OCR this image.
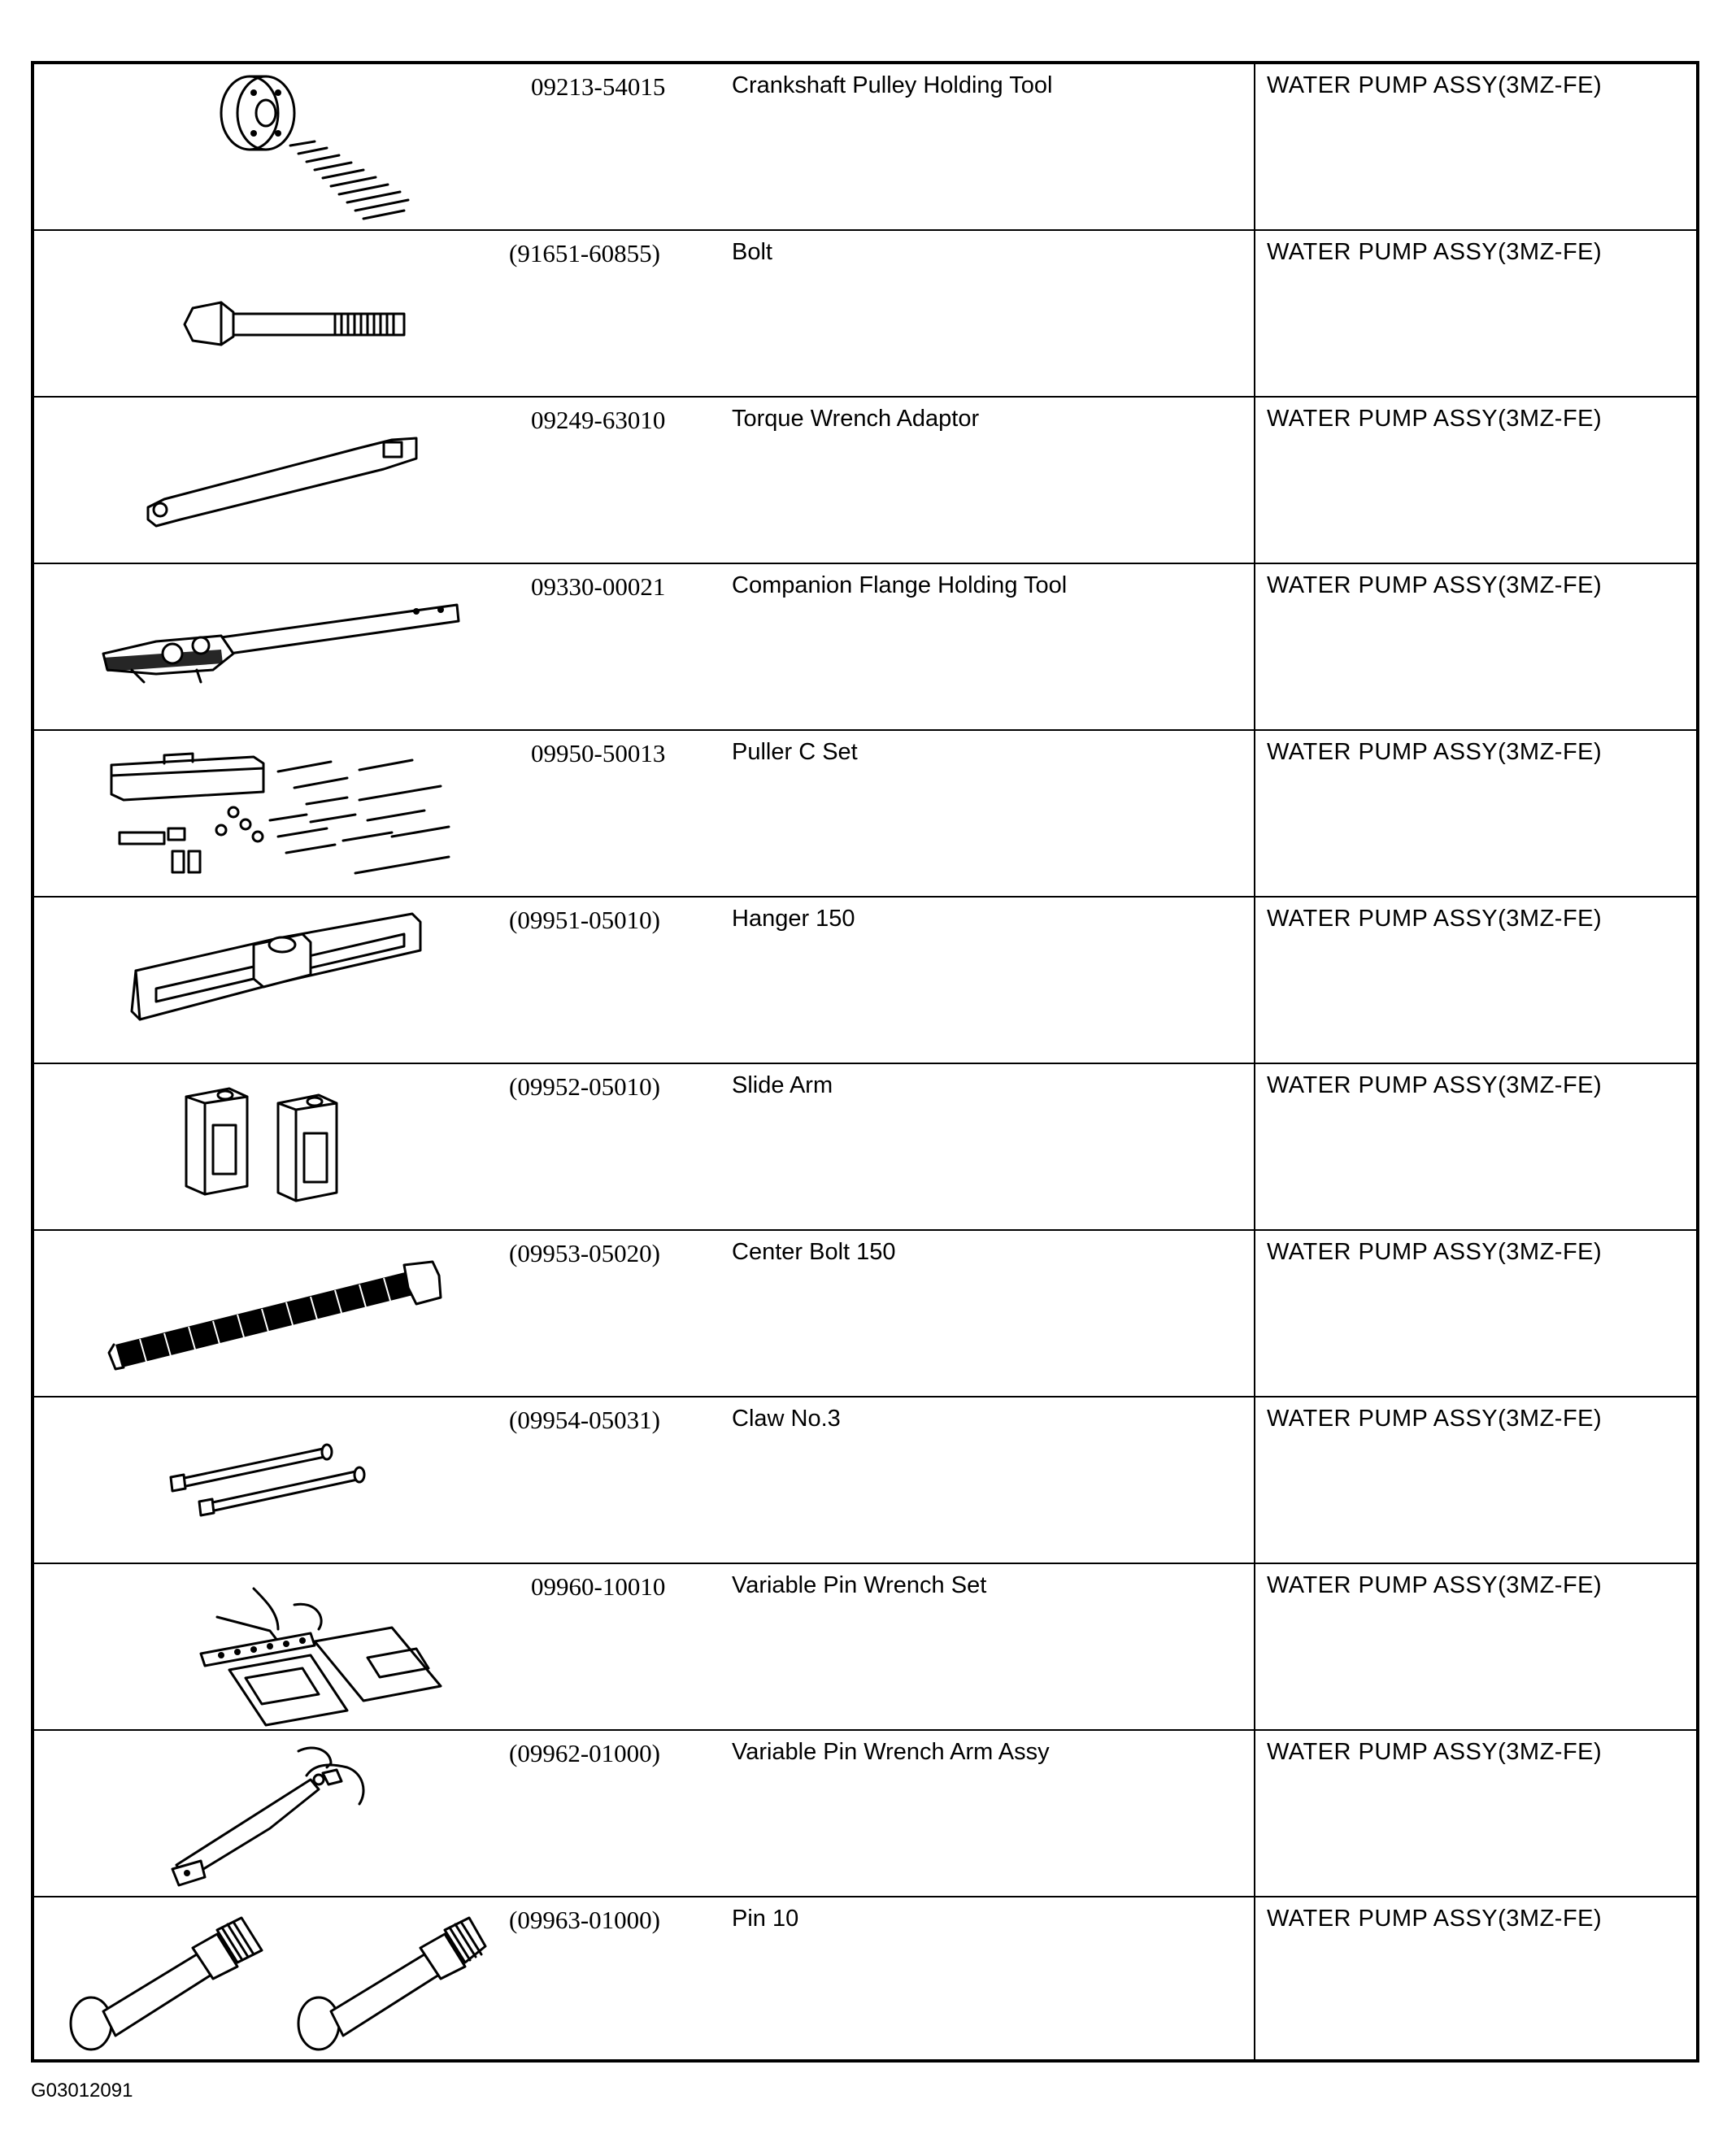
09213-54015	Crankshaft Pulley Holding Tool	WATER PUMP ASSY(3MZ-FE)
(91651-60855)	Bolt	WATER PUMP ASSY(3MZ-FE)
09249-63010	Torque Wrench Adaptor	WATER PUMP ASSY(3MZ-FE)
09330-00021	Companion Flange Holding Tool	WATER PUMP ASSY(3MZ-FE)
09950-50013	Puller C Set	WATER PUMP ASSY(3MZ-FE)
(09951-05010)	Hanger 150	WATER PUMP ASSY(3MZ-FE)
(09952-05010)	Slide Arm	WATER PUMP ASSY(3MZ-FE)
(09953-05020)	Center Bolt 150	WATER PUMP ASSY(3MZ-FE)
(09954-05031)	Claw No.3	WATER PUMP ASSY(3MZ-FE)
09960-10010	Variable Pin Wrench Set	WATER PUMP ASSY(3MZ-FE)
(09962-01000)	Variable Pin Wrench Arm Assy	WATER PUMP ASSY(3MZ-FE)
(09963-01000)	Pin 10	WATER PUMP ASSY(3MZ-FE)
G03012091
